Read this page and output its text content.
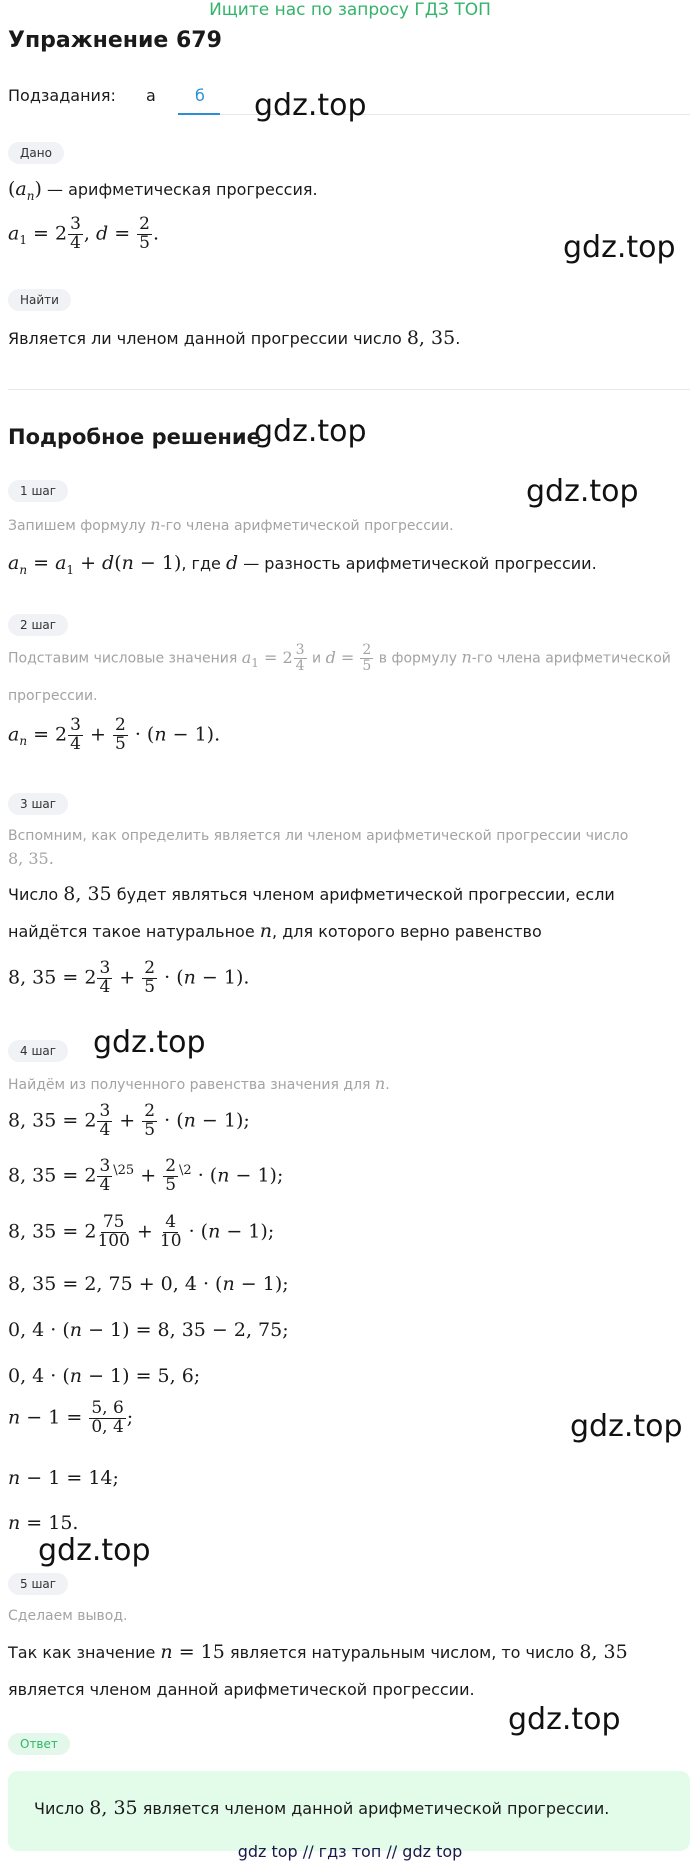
Ищите нас по запросу ГДЗ ТОП
Упражнение 679
Подзадания: а б gdz.top
gdz.top
gdz.top
gdz.top
gdz.top
gdz.top
gdz.top
gdz.top
Дано
$(a_n)$ — арифметическая прогрессия.
$a_1 = 2 \frac{3}{4}$ , $d = \frac{2}{5}$ .
Найти
Является ли членом данной прогрессии число 8, 35.
Подробное решение
1 шаг
Запишем формулу n-го члена арифметической прогрессии.
$a_n = a_1 + d(n - 1)$, где d — разность арифметической прогрессии.
2 шаг
Подставим числовые значения $a_1 = 2 \frac{3}{4}$ и $d = \frac{2}{5}$ в формулу n-го члена арифметической
прогрессии.
$a_n = 2 \frac{3}{4} + \frac{2}{5} \cdot (n - 1)$.
3 шаг
Вспомним, как определить является ли членом арифметической прогрессии число
8, 35.
Число 8, 35 будет являться членом арифметической прогрессии, если
найдётся такое натуральное n, для которого верно равенство
8, $35 = 2 \frac{3}{4} + \frac{2}{5} \cdot (n - 1)$.
4 шаг
Найдём из полученного равенства значения для n.
8, $35 = 2 \frac{3}{4} + \frac{2}{5} \cdot (n - 1)$;
8, $35 = 2 \frac{3}{4} ^{\backslash 25} + \frac{2}{5} ^{\backslash 2} \cdot (n - 1)$;
8, $35 = 2 \frac{75}{100} + \frac{4}{10} \cdot (n - 1)$;
8, 35 = 2, 75 + 0, 4 · (n − 1);
0, 4 · (n − 1) = 8, 35 − 2, 75;
0, 4 · (n − 1) = 5, 6;
$n - 1 = \frac{5, 6}{0, 4}$ ;
n − 1 = 14;
n = 15.
5 шаг
Сделаем вывод.
Так как значение n = 15 является натуральным числом, то число 8, 35
является членом данной арифметической прогрессии.
Ответ
Число 8, 35 является членом данной арифметической прогрессии.
gdz top // гдз топ // gdz top
